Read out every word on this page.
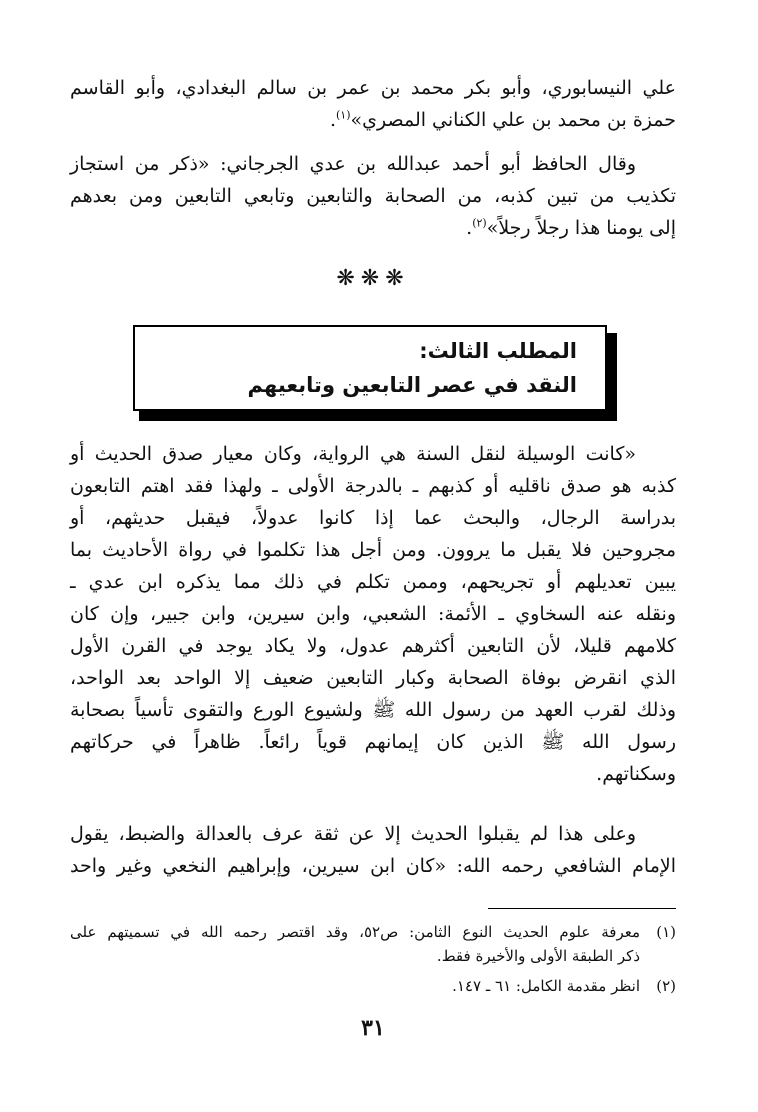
علي النيسابوري، وأبو بكر محمد بن عمر بن سالم البغدادي، وأبو القاسم
حمزة بن محمد بن علي الكناني المصري»$^{(١)}$.
وقال الحافظ أبو أحمد عبدالله بن عدي الجرجاني: «ذكر من استجاز
تكذيب من تبين كذبه، من الصحابة والتابعين وتابعي التابعين ومن بعدهم
إلى يومنا هذا رجلاً رجلاً»$^{(٢)}$.
❋❋❋
المطلب الثالث:
النقد في عصر التابعين وتابعيهم
«كانت الوسيلة لنقل السنة هي الرواية، وكان معيار صدق الحديث أو
كذبه هو صدق ناقليه أو كذبهم ـ بالدرجة الأولى ـ ولهذا فقد اهتم التابعون
بدراسة الرجال، والبحث عما إذا كانوا عدولاً، فيقبل حديثهم، أو
مجروحين فلا يقبل ما يروون. ومن أجل هذا تكلموا في رواة الأحاديث بما
يبين تعديلهم أو تجريحهم، وممن تكلم في ذلك مما يذكره ابن عدي ـ
ونقله عنه السخاوي ـ الأئمة: الشعبي، وابن سيرين، وابن جبير، وإن كان
كلامهم قليلا، لأن التابعين أكثرهم عدول، ولا يكاد يوجد في القرن الأول
الذي انقرض بوفاة الصحابة وكبار التابعين ضعيف إلا الواحد بعد الواحد،
وذلك لقرب العهد من رسول الله ﷺ ولشيوع الورع والتقوى تأسياً بصحابة
رسول الله ﷺ الذين كان إيمانهم قوياً رائعاً. ظاهراً في حركاتهم
وسكناتهم.
وعلى هذا لم يقبلوا الحديث إلا عن ثقة عرف بالعدالة والضبط، يقول
الإمام الشافعي رحمه الله: «كان ابن سيرين، وإبراهيم النخعي وغير واحد
(١)
معرفة علوم الحديث النوع الثامن: ص٥٢، وقد اقتصر رحمه الله في تسميتهم على
ذكر الطبقة الأولى والأخيرة فقط.
(٢)
انظر مقدمة الكامل: ٦١ ـ ١٤٧.
٣١
